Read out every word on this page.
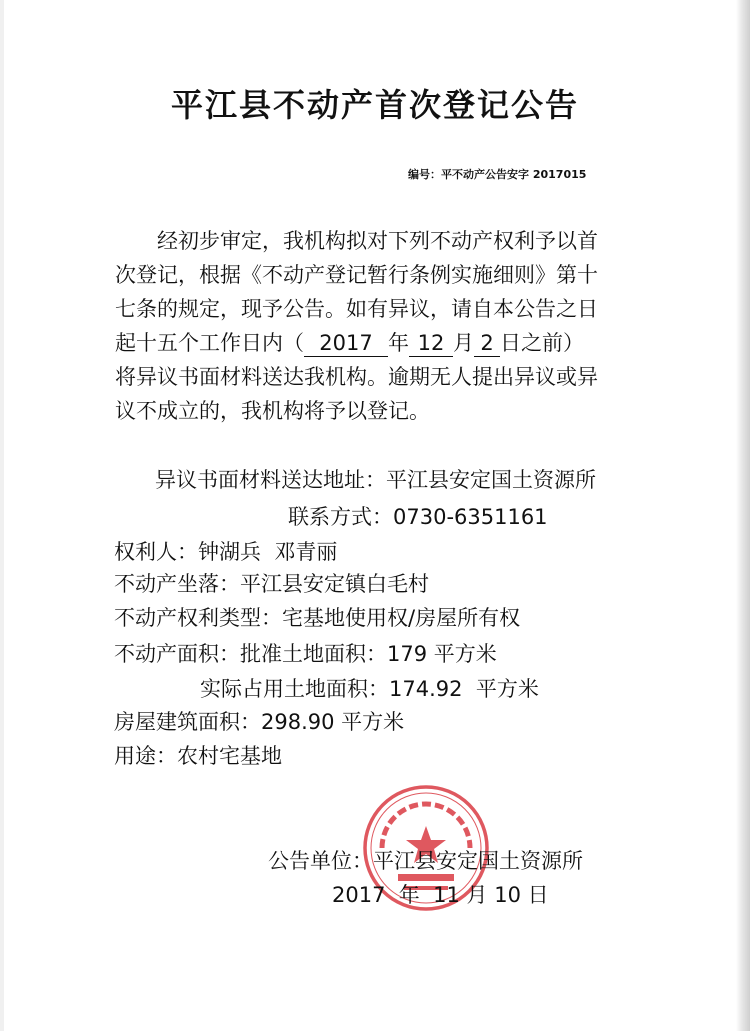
平江县不动产首次登记公告
编号：平不动产公告安字 2017015
经初步审定，我机构拟对下列不动产权利予以首
次登记，根据《不动产登记暂行条例实施细则》第十
七条的规定，现予公告。如有异议，请自本公告之日
起十五个工作日内（ 2017 年 12 月 2 日之前）
将异议书面材料送达我机构。逾期无人提出异议或异
议不成立的，我机构将予以登记。
异议书面材料送达地址：平江县安定国土资源所
联系方式：0730-6351161
权利人：钟湖兵  邓青丽
不动产坐落：平江县安定镇白毛村
不动产权利类型：宅基地使用权/房屋所有权
不动产面积：批准土地面积：179 平方米
实际占用土地面积：174.92  平方米
房屋建筑面积：298.90 平方米
用途：农村宅基地
公告单位：平江县安定国土资源所
2017  年  11 月 10 日
